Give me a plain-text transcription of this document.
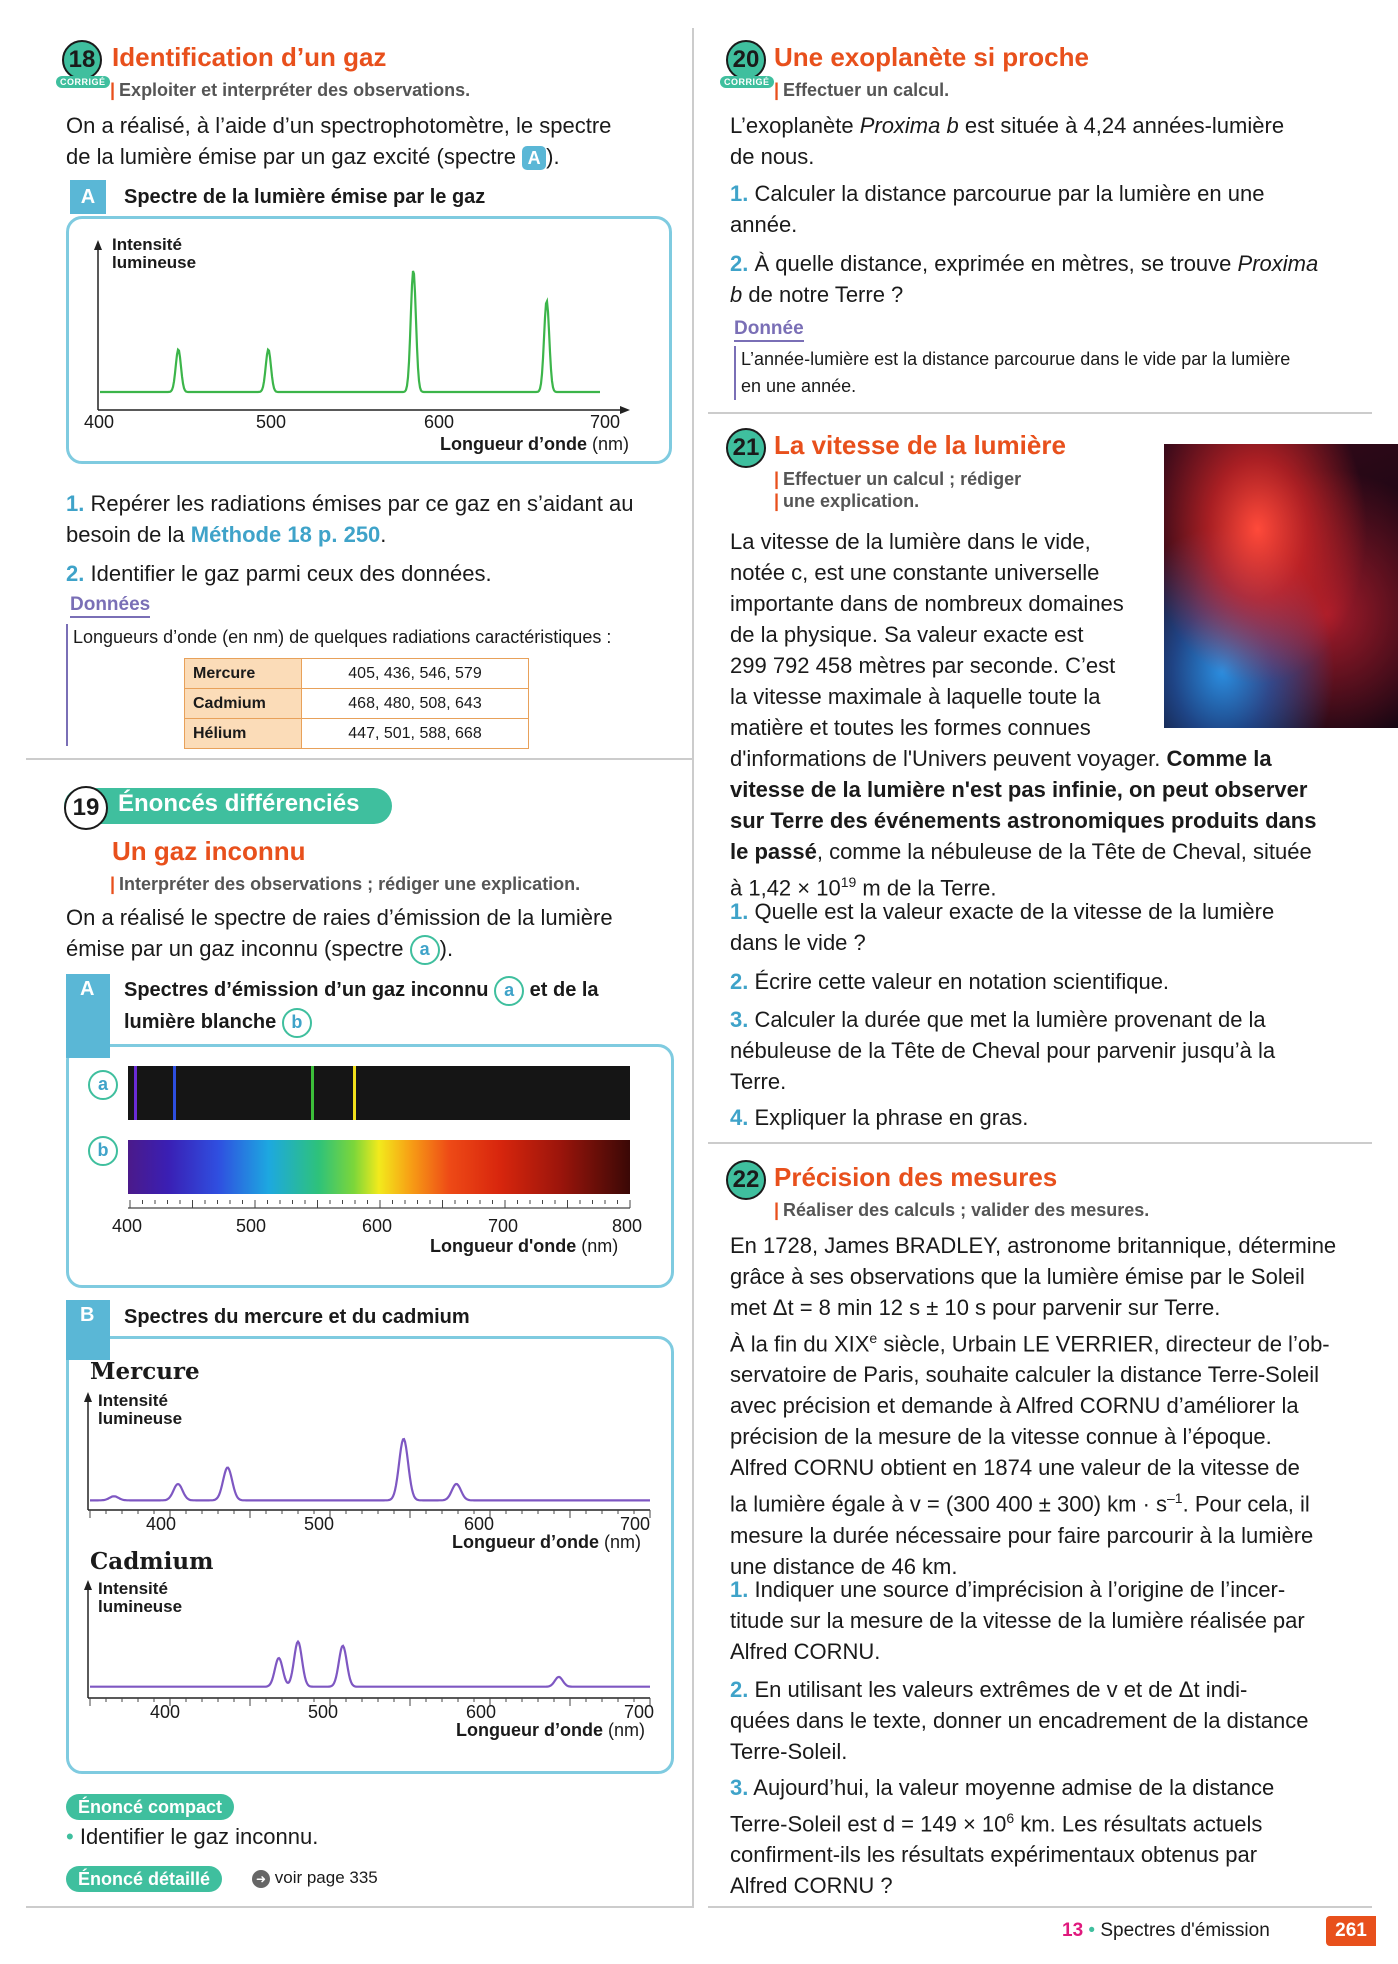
18
CORRIGÉ
Identification d’un gaz
| Exploiter et interpréter des observations.
On a réalisé, à l’aide d’un spectrophotomètre, le spectre
de la lumière émise par un gaz excité (spectre A ).
A	Spectre de la lumière émise par le gaz
Intensité
lumineuse
400	500	600	700
Longueur d’onde (nm)
1. Repérer les radiations émises par ce gaz en s’aidant au
besoin de la Méthode 18 p. 250.
2. Identifier le gaz parmi ceux des données.
Données
Longueurs d’onde (en nm) de quelques radiations caractéristiques :
Mercure	405, 436, 546, 579
Cadmium	468, 480, 508, 643
Hélium	447, 501, 588, 668
19 Énoncés différenciés
Un gaz inconnu
| Interpréter des observations ; rédiger une explication.
On a réalisé le spectre de raies d’émission de la lumière
émise par un gaz inconnu (spectre a ).
A Spectres d’émission d’un gaz inconnu a et de la
lumière blanche b
a
b
400	500	600	700	800
Longueur d'onde (nm)
B Spectres du mercure et du cadmium
Mercure
Intensité
lumineuse
400	500	600	700
Longueur d’onde (nm)
Cadmium
Intensité
lumineuse
400	500	600	700
Longueur d’onde (nm)
Énoncé compact
• Identifier le gaz inconnu.
Énoncé détaillé	➜ voir page 335
20
CORRIGÉ
Une exoplanète si proche
| Effectuer un calcul.
L’exoplanète Proxima b est située à 4,24 années-lumière
de nous.
1. Calculer la distance parcourue par la lumière en une
année.
2. À quelle distance, exprimée en mètres, se trouve Proxima
b de notre Terre ?
Donnée
L’année-lumière est la distance parcourue dans le vide par la lumière
en une année.
21 La vitesse de la lumière
| Effectuer un calcul ; rédiger
| une explication.
La vitesse de la lumière dans le vide,
notée c, est une constante universelle
importante dans de nombreux domaines
de la physique. Sa valeur exacte est
299 792 458 mètres par seconde. C’est
la vitesse maximale à laquelle toute la
matière et toutes les formes connues
d'informations de l'Univers peuvent voyager. Comme la
vitesse de la lumière n'est pas infinie, on peut observer
sur Terre des événements astronomiques produits dans
le passé, comme la nébuleuse de la Tête de Cheval, située
à $1,42 \times 10^{19}$ m de la Terre.
1. Quelle est la valeur exacte de la vitesse de la lumière
dans le vide ?
2. Écrire cette valeur en notation scientifique.
3. Calculer la durée que met la lumière provenant de la
nébuleuse de la Tête de Cheval pour parvenir jusqu’à la
Terre.
4. Expliquer la phrase en gras.
22 Précision des mesures
| Réaliser des calculs ; valider des mesures.
En 1728, James BRADLEY, astronome britannique, détermine
grâce à ses observations que la lumière émise par le Soleil
met Δt = 8 min 12 s ± 10 s pour parvenir sur Terre.
À la fin du XIXe siècle, Urbain LE VERRIER, directeur de l’ob-
servatoire de Paris, souhaite calculer la distance Terre-Soleil
avec précision et demande à Alfred CORNU d’améliorer la
précision de la mesure de la vitesse connue à l’époque.
Alfred CORNU obtient en 1874 une valeur de la vitesse de
la lumière égale à v = (300 400 ± 300) km · $s^{-1}$. Pour cela, il
mesure la durée nécessaire pour faire parcourir à la lumière
une distance de 46 km.
1. Indiquer une source d’imprécision à l’origine de l’incer-
titude sur la mesure de la vitesse de la lumière réalisée par
Alfred CORNU.
2. En utilisant les valeurs extrêmes de v et de Δt indi-
quées dans le texte, donner un encadrement de la distance
Terre-Soleil.
3. Aujourd’hui, la valeur moyenne admise de la distance
Terre-Soleil est $d = 149 \times 10^6$ km. Les résultats actuels
confirment-ils les résultats expérimentaux obtenus par
Alfred CORNU ?
13 • Spectres d'émission	261
